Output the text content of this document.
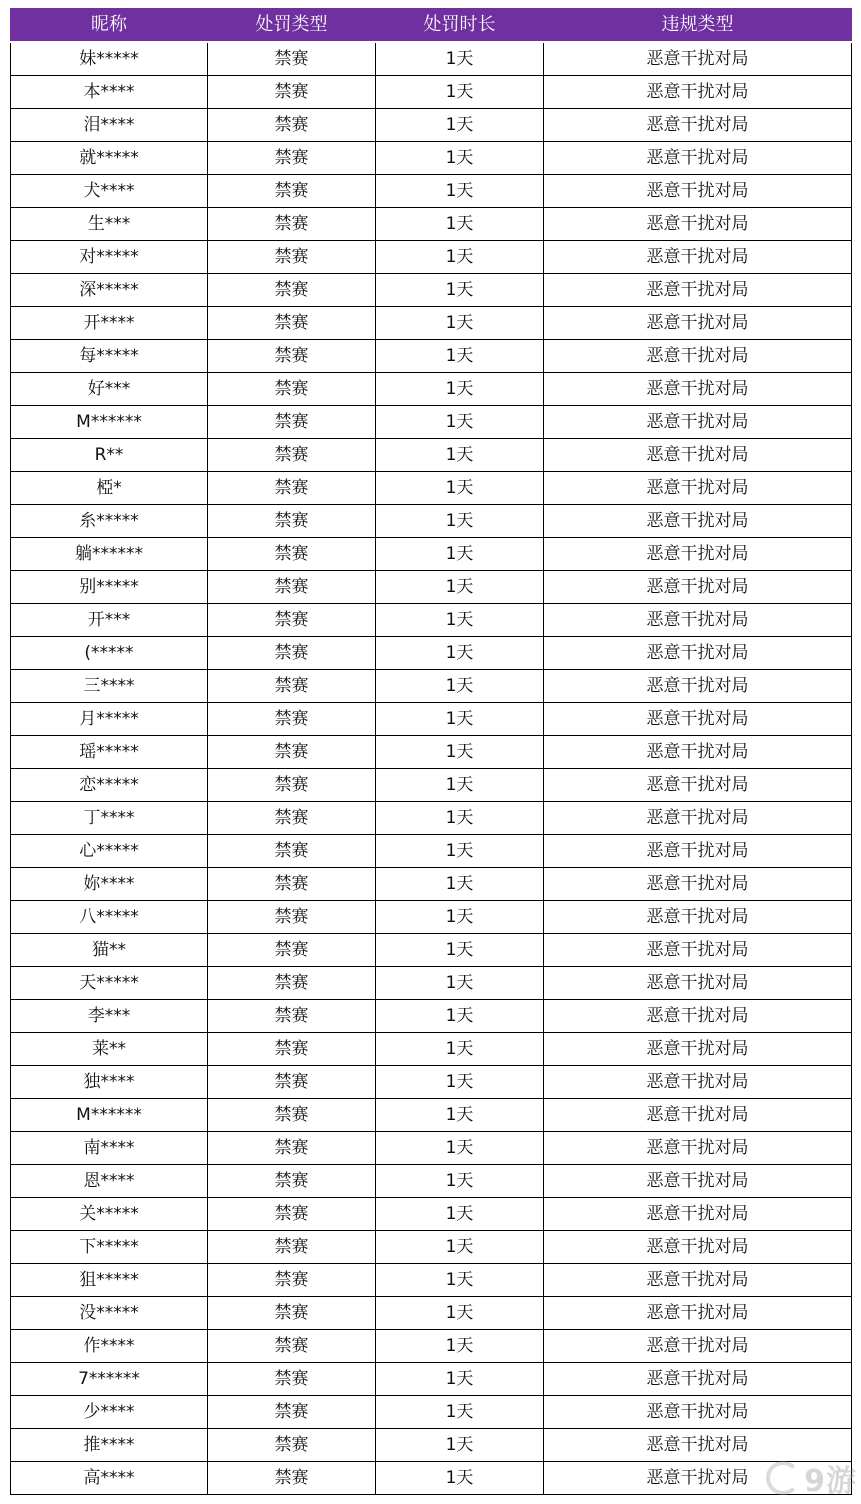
昵称	处罚类型	处罚时长	违规类型
妹*****	禁赛	1天	恶意干扰对局
本****	禁赛	1天	恶意干扰对局
泪****	禁赛	1天	恶意干扰对局
就*****	禁赛	1天	恶意干扰对局
犬****	禁赛	1天	恶意干扰对局
生***	禁赛	1天	恶意干扰对局
对*****	禁赛	1天	恶意干扰对局
深*****	禁赛	1天	恶意干扰对局
开****	禁赛	1天	恶意干扰对局
每*****	禁赛	1天	恶意干扰对局
好***	禁赛	1天	恶意干扰对局
M******	禁赛	1天	恶意干扰对局
R**	禁赛	1天	恶意干扰对局
椏*	禁赛	1天	恶意干扰对局
糸*****	禁赛	1天	恶意干扰对局
躺******	禁赛	1天	恶意干扰对局
别*****	禁赛	1天	恶意干扰对局
开***	禁赛	1天	恶意干扰对局
(*****	禁赛	1天	恶意干扰对局
三****	禁赛	1天	恶意干扰对局
月*****	禁赛	1天	恶意干扰对局
瑶*****	禁赛	1天	恶意干扰对局
恋*****	禁赛	1天	恶意干扰对局
丁****	禁赛	1天	恶意干扰对局
心*****	禁赛	1天	恶意干扰对局
妳****	禁赛	1天	恶意干扰对局
八*****	禁赛	1天	恶意干扰对局
猫**	禁赛	1天	恶意干扰对局
天*****	禁赛	1天	恶意干扰对局
李***	禁赛	1天	恶意干扰对局
莱**	禁赛	1天	恶意干扰对局
独****	禁赛	1天	恶意干扰对局
M******	禁赛	1天	恶意干扰对局
南****	禁赛	1天	恶意干扰对局
恩****	禁赛	1天	恶意干扰对局
关*****	禁赛	1天	恶意干扰对局
下*****	禁赛	1天	恶意干扰对局
狙*****	禁赛	1天	恶意干扰对局
没*****	禁赛	1天	恶意干扰对局
作****	禁赛	1天	恶意干扰对局
7******	禁赛	1天	恶意干扰对局
少****	禁赛	1天	恶意干扰对局
推****	禁赛	1天	恶意干扰对局
高****	禁赛	1天	恶意干扰对局 9游
